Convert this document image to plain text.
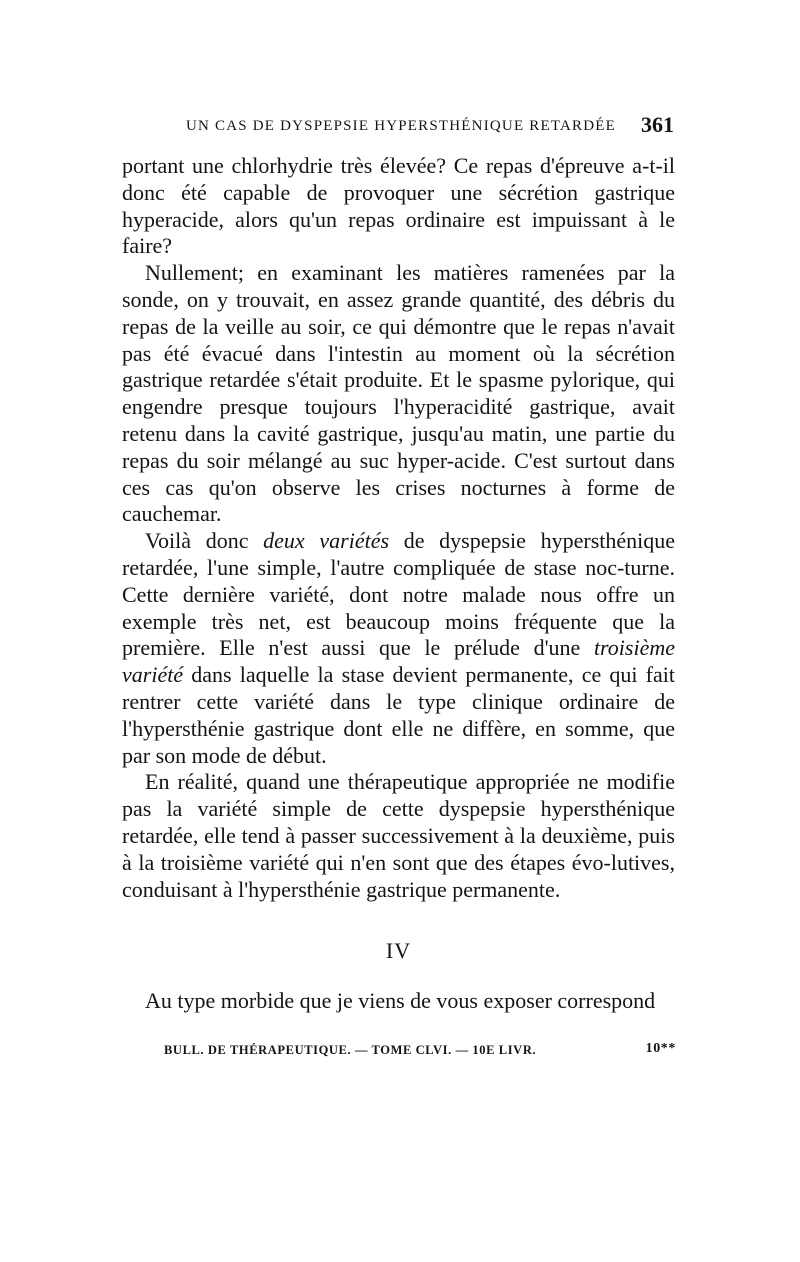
UN CAS DE DYSPEPSIE HYPERSTHÉNIQUE RETARDÉE 361

portant une chlorhydrie très élevée? Ce repas d'épreuve a-t-il donc été capable de provoquer une sécrétion gastrique hyperacide, alors qu'un repas ordinaire est impuissant à le faire?

Nullement; en examinant les matières ramenées par la sonde, on y trouvait, en assez grande quantité, des débris du repas de la veille au soir, ce qui démontre que le repas n'avait pas été évacué dans l'intestin au moment où la sécrétion gastrique retardée s'était produite. Et le spasme pylorique, qui engendre presque toujours l'hyperacidité gastrique, avait retenu dans la cavité gastrique, jusqu'au matin, une partie du repas du soir mélangé au suc hyper-acide. C'est surtout dans ces cas qu'on observe les crises nocturnes à forme de cauchemar.

Voilà donc deux variétés de dyspepsie hypersthénique retardée, l'une simple, l'autre compliquée de stase noc-turne. Cette dernière variété, dont notre malade nous offre un exemple très net, est beaucoup moins fréquente que la première. Elle n'est aussi que le prélude d'une troisième variété dans laquelle la stase devient permanente, ce qui fait rentrer cette variété dans le type clinique ordinaire de l'hypersthénie gastrique dont elle ne diffère, en somme, que par son mode de début.

En réalité, quand une thérapeutique appropriée ne modifie pas la variété simple de cette dyspepsie hypersthénique retardée, elle tend à passer successivement à la deuxième, puis à la troisième variété qui n'en sont que des étapes évo-lutives, conduisant à l'hypersthénie gastrique permanente.

IV

Au type morbide que je viens de vous exposer correspond

BULL. DE THÉRAPEUTIQUE. — TOME CLVI. — 10E LIVR.	10**
